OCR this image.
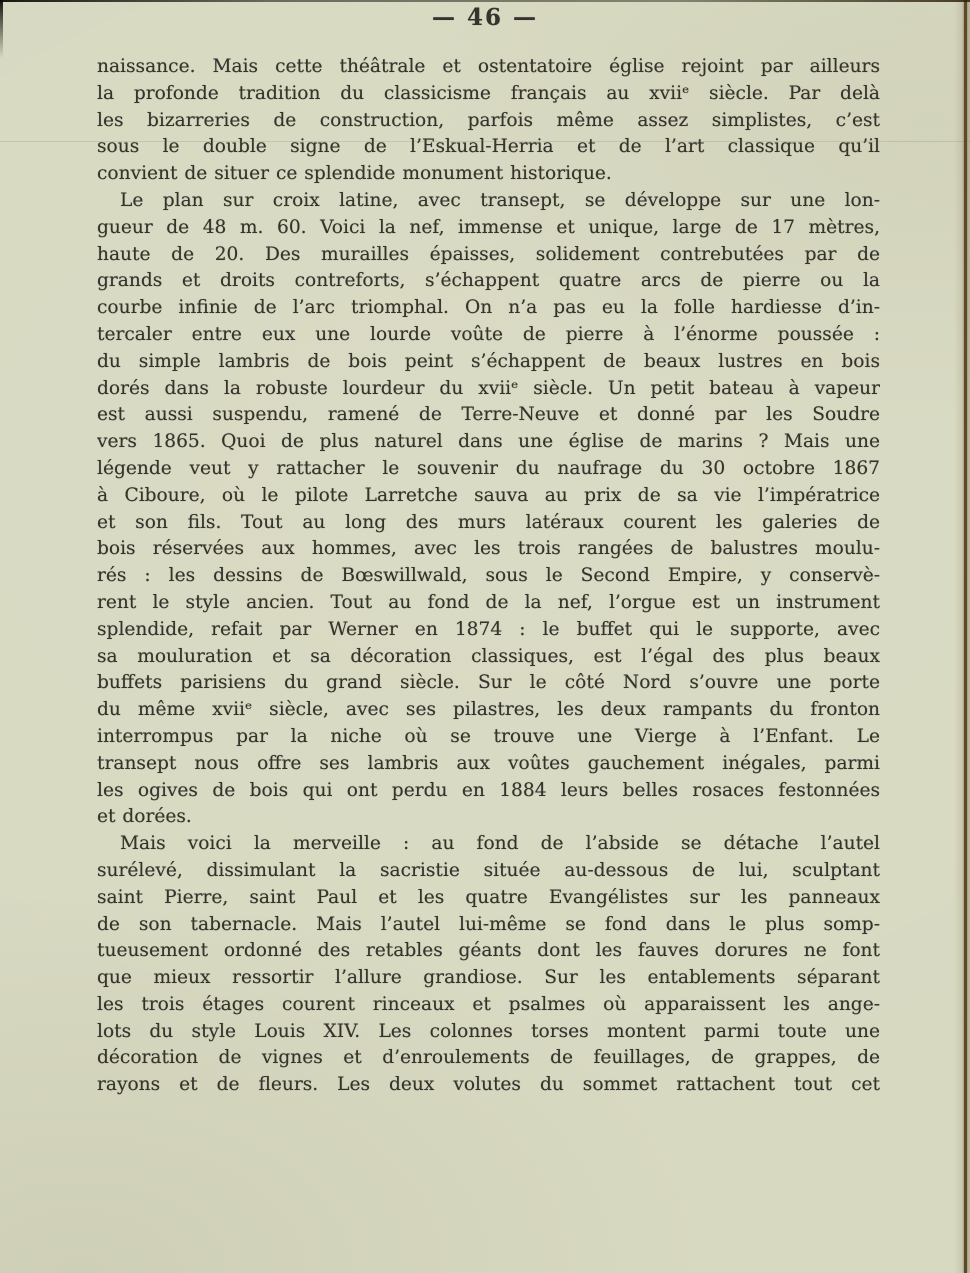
— 46 —
naissance. Mais cette théâtrale et ostentatoire église rejoint par ailleurs
la profonde tradition du classicisme français au xviiᵉ siècle. Par delà
les bizarreries de construction, parfois même assez simplistes, c’est
sous le double signe de l’Eskual-Herria et de l’art classique qu’il
convient de situer ce splendide monument historique.
Le plan sur croix latine, avec transept, se développe sur une lon-
gueur de 48 m. 60. Voici la nef, immense et unique, large de 17 mètres,
haute de 20. Des murailles épaisses, solidement contrebutées par de
grands et droits contreforts, s’échappent quatre arcs de pierre ou la
courbe infinie de l’arc triomphal. On n’a pas eu la folle hardiesse d’in-
tercaler entre eux une lourde voûte de pierre à l’énorme poussée :
du simple lambris de bois peint s’échappent de beaux lustres en bois
dorés dans la robuste lourdeur du xviiᵉ siècle. Un petit bateau à vapeur
est aussi suspendu, ramené de Terre-Neuve et donné par les Soudre
vers 1865. Quoi de plus naturel dans une église de marins ? Mais une
légende veut y rattacher le souvenir du naufrage du 30 octobre 1867
à Ciboure, où le pilote Larretche sauva au prix de sa vie l’impératrice
et son fils. Tout au long des murs latéraux courent les galeries de
bois réservées aux hommes, avec les trois rangées de balustres moulu-
rés : les dessins de Bœswillwald, sous le Second Empire, y conservè-
rent le style ancien. Tout au fond de la nef, l’orgue est un instrument
splendide, refait par Werner en 1874 : le buffet qui le supporte, avec
sa mouluration et sa décoration classiques, est l’égal des plus beaux
buffets parisiens du grand siècle. Sur le côté Nord s’ouvre une porte
du même xviiᵉ siècle, avec ses pilastres, les deux rampants du fronton
interrompus par la niche où se trouve une Vierge à l’Enfant. Le
transept nous offre ses lambris aux voûtes gauchement inégales, parmi
les ogives de bois qui ont perdu en 1884 leurs belles rosaces festonnées
et dorées.
Mais voici la merveille : au fond de l’abside se détache l’autel
surélevé, dissimulant la sacristie située au-dessous de lui, sculptant
saint Pierre, saint Paul et les quatre Evangélistes sur les panneaux
de son tabernacle. Mais l’autel lui-même se fond dans le plus somp-
tueusement ordonné des retables géants dont les fauves dorures ne font
que mieux ressortir l’allure grandiose. Sur les entablements séparant
les trois étages courent rinceaux et psalmes où apparaissent les ange-
lots du style Louis XIV. Les colonnes torses montent parmi toute une
décoration de vignes et d’enroulements de feuillages, de grappes, de
rayons et de fleurs. Les deux volutes du sommet rattachent tout cet
